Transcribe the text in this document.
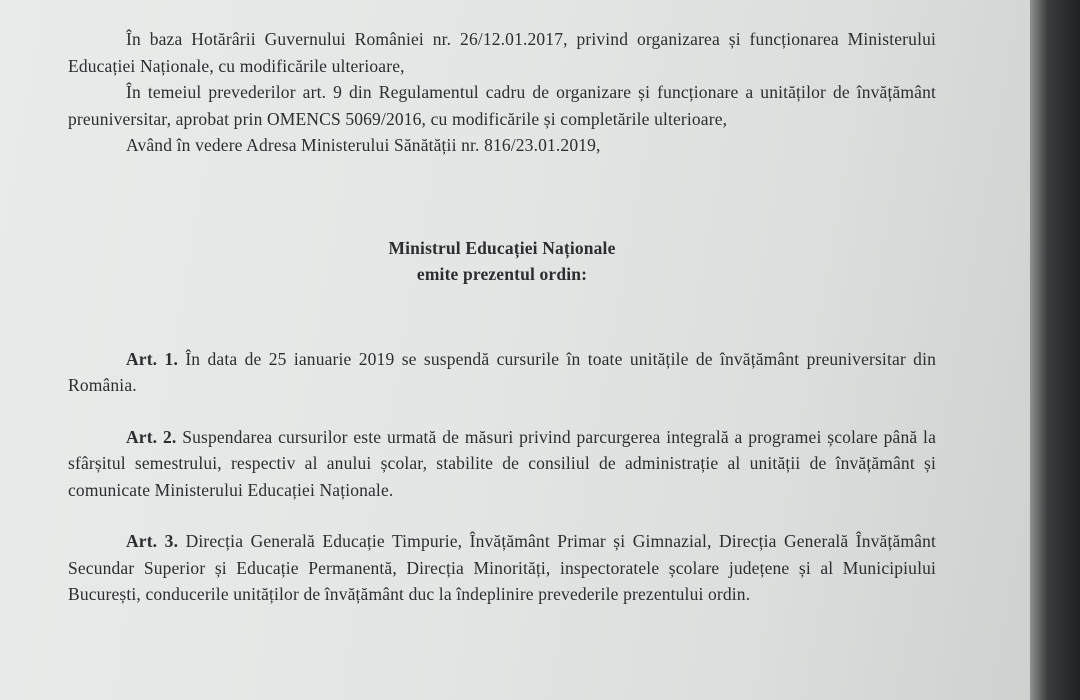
În baza Hotărârii Guvernului României nr. 26/12.01.2017, privind organizarea și funcționarea Ministerului Educației Naționale, cu modificările ulterioare,

În temeiul prevederilor art. 9 din Regulamentul cadru de organizare și funcționare a unităților de învățământ preuniversitar, aprobat prin OMENCS 5069/2016, cu modificările și completările ulterioare,

Având în vedere Adresa Ministerului Sănătății nr. 816/23.01.2019,

Ministrul Educației Naționale

emite prezentul ordin:

Art. 1. În data de 25 ianuarie 2019 se suspendă cursurile în toate unitățile de învățământ preuniversitar din România.

Art. 2. Suspendarea cursurilor este urmată de măsuri privind parcurgerea integrală a programei școlare până la sfârșitul semestrului, respectiv al anului școlar, stabilite de consiliul de administrație al unității de învățământ și comunicate Ministerului Educației Naționale.

Art. 3. Direcția Generală Educație Timpurie, Învățământ Primar și Gimnazial, Direcția Generală Învățământ Secundar Superior și Educație Permanentă, Direcția Minorități, inspectoratele școlare județene și al Municipiului București, conducerile unităților de învățământ duc la îndeplinire prevederile prezentului ordin.
